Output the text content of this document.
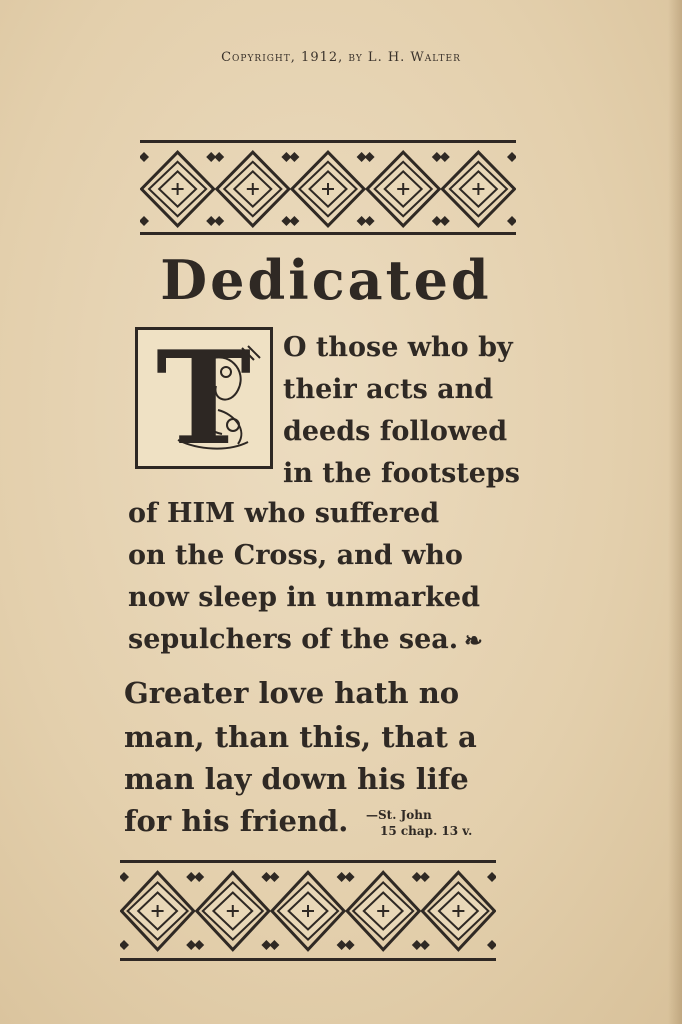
Copyright, 1912, by L. H. Walter
Dedicated
T O those who by
their acts and
deeds followed
in the footsteps
of HIM who suffered
on the Cross, and who
now sleep in unmarked
sepulchers of the sea. ❧
Greater love hath no
man, than this, that a
man lay down his life
for his friend.	—St. John
15 chap. 13 v.
